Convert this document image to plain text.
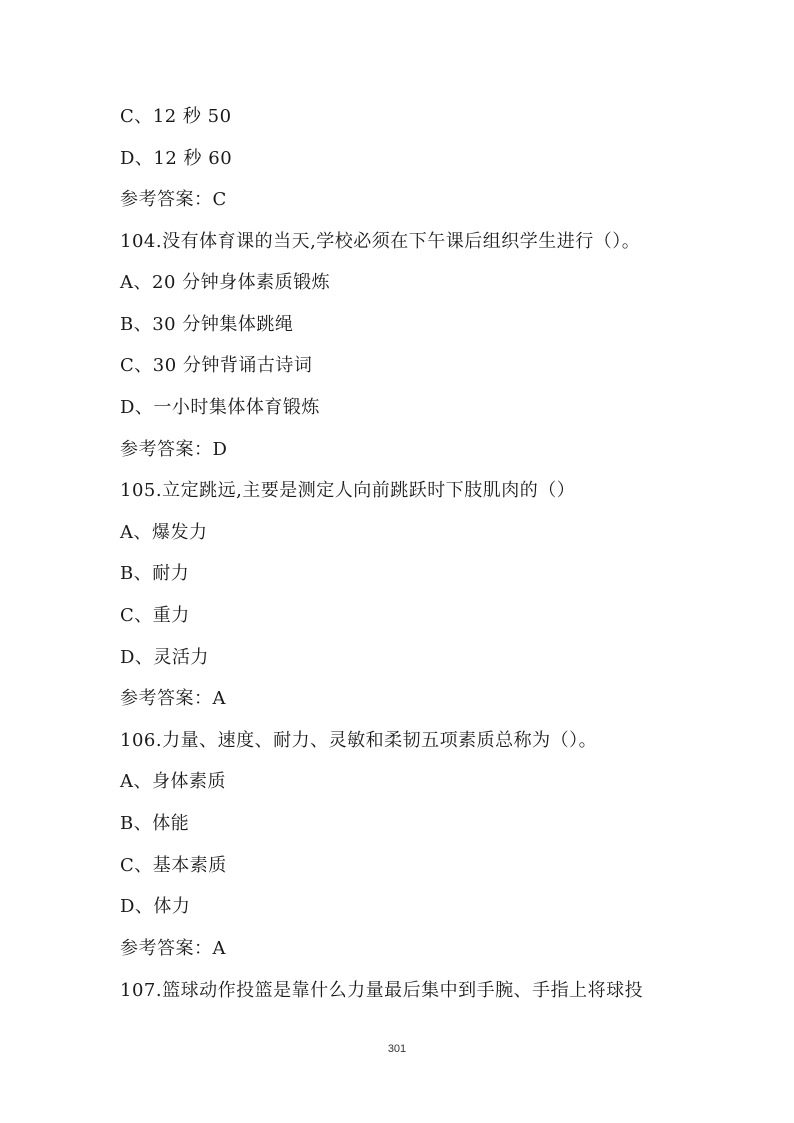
C、12 秒 50
D、12 秒 60
参考答案：C
104.没有体育课的当天,学校必须在下午课后组织学生进行（）。
A、20 分钟身体素质锻炼
B、30 分钟集体跳绳
C、30 分钟背诵古诗词
D、一小时集体体育锻炼
参考答案：D
105.立定跳远,主要是测定人向前跳跃时下肢肌肉的（）
A、爆发力
B、耐力
C、重力
D、灵活力
参考答案：A
106.力量、速度、耐力、灵敏和柔韧五项素质总称为（）。
A、身体素质
B、体能
C、基本素质
D、体力
参考答案：A
107.篮球动作投篮是靠什么力量最后集中到手腕、手指上将球投
301
